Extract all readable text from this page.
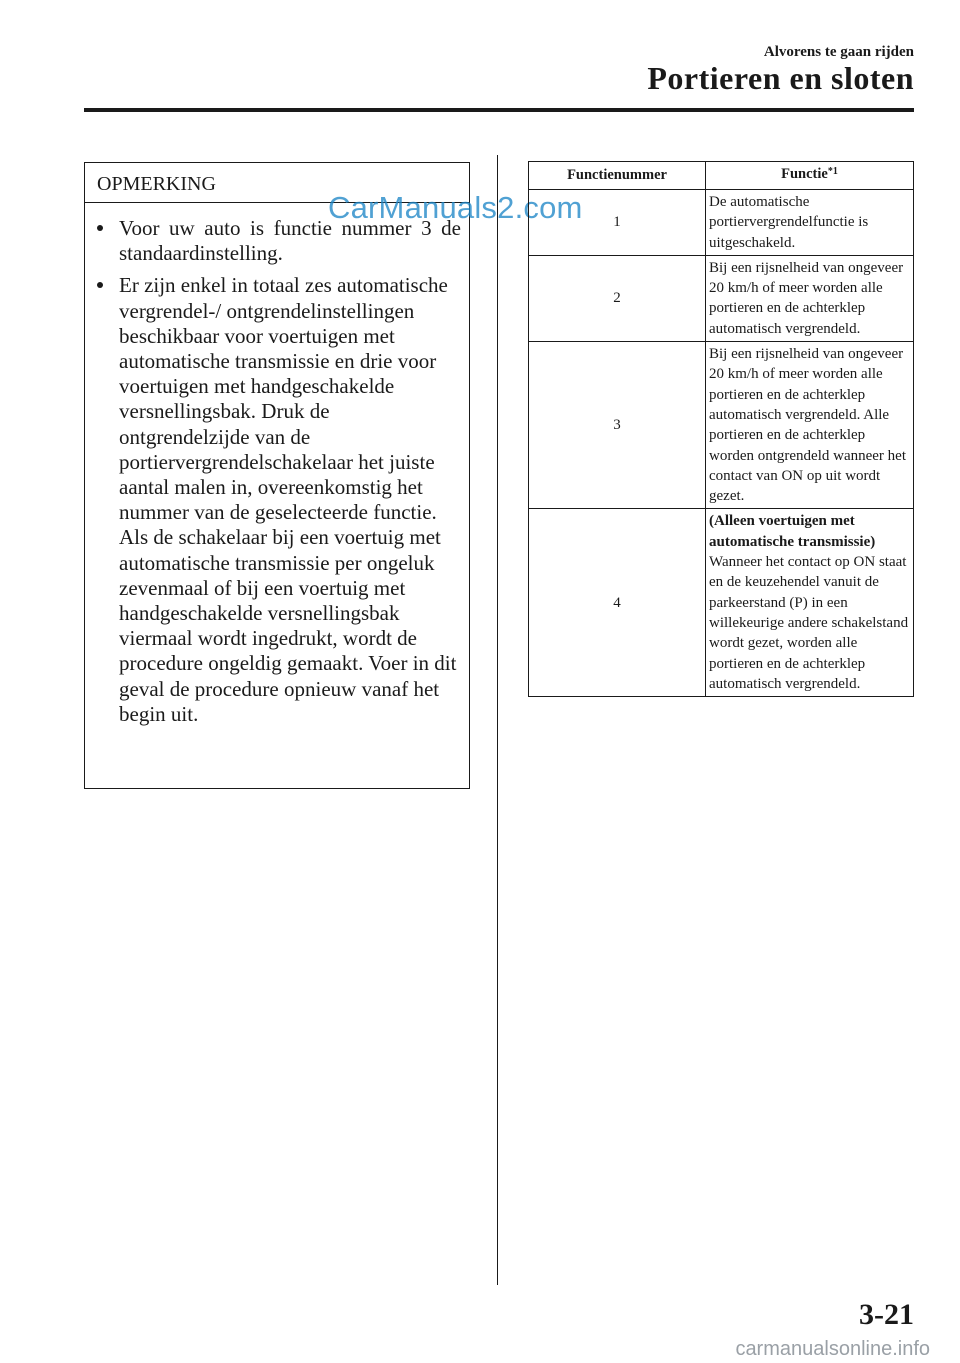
Alvorens te gaan rijden
Portieren en sloten
OPMERKING
Voor uw auto is functie nummer 3 de standaardinstelling.
Er zijn enkel in totaal zes automatische vergrendel-/ ontgrendelinstellingen beschikbaar voor voertuigen met automatische transmissie en drie voor voertuigen met handgeschakelde versnellingsbak. Druk de ontgrendelzijde van de portiervergrendelschakelaar het juiste aantal malen in, overeenkomstig het nummer van de geselecteerde functie. Als de schakelaar bij een voertuig met automatische transmissie per ongeluk zevenmaal of bij een voertuig met handgeschakelde versnellingsbak viermaal wordt ingedrukt, wordt de procedure ongeldig gemaakt. Voer in dit geval de procedure opnieuw vanaf het begin uit.
CarManuals2.com
Functienummer	Functie$^{*1}$
1	De automatische portiervergrendelfunctie is uitgeschakeld.
2	Bij een rijsnelheid van ongeveer 20 km/h of meer worden alle portieren en de achterklep automatisch vergrendeld.
3	Bij een rijsnelheid van ongeveer 20 km/h of meer worden alle portieren en de achterklep automatisch vergrendeld. Alle portieren en de achterklep worden ontgrendeld wanneer het contact van ON op uit wordt gezet.
4	(Alleen voertuigen met automatische transmissie)
Wanneer het contact op ON staat en de keuzehendel vanuit de parkeerstand (P) in een willekeurige andere schakelstand wordt gezet, worden alle portieren en de achterklep automatisch vergrendeld.
3-21
carmanualsonline.info
